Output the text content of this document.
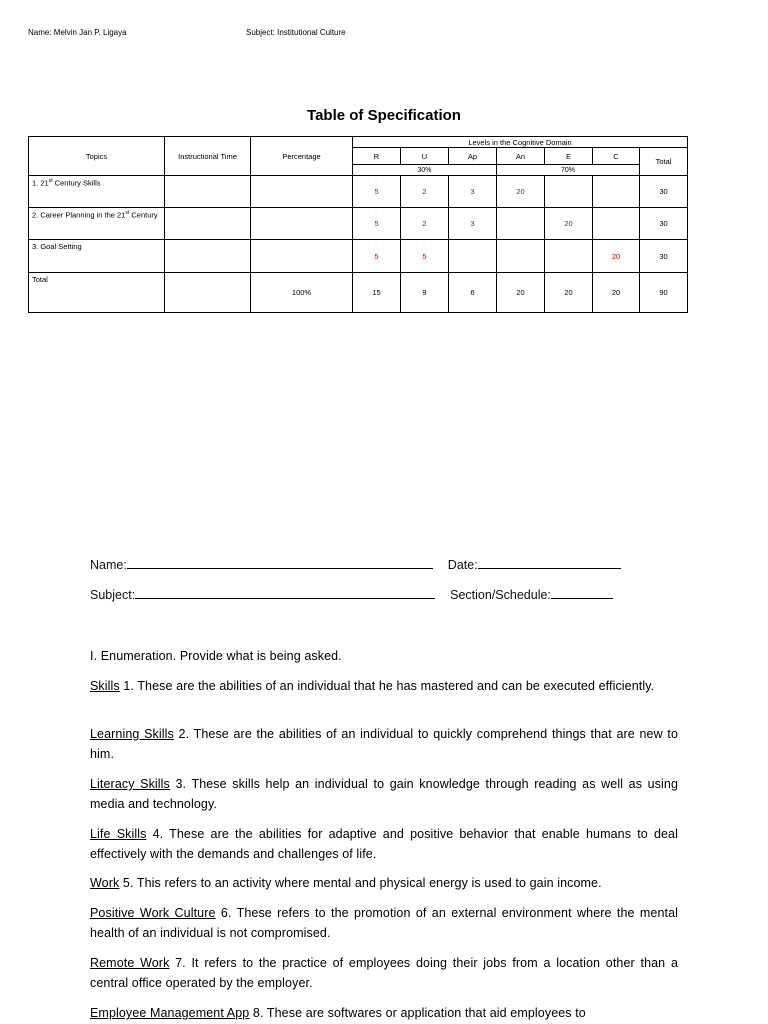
Name: Melvin Jan P. Ligaya	Subject: Institutional Culture
Table of Specification
Topics	Instructional Time	Percentage	Levels in the Cognitive Domain						
			R	U	Ap	An	E	C	Total
			30%			70%			
1. 21st Century Skills			5	2	3	20			30
2. Career Planning in the 21st Century			5	2	3		20		30
3. Goal Setting			5	5				20	30
Total		100%	15	9	6	20	20	20	90
Name:	Date:
Subject:	Section/Schedule:
I. Enumeration. Provide what is being asked.
Skills 1. These are the abilities of an individual that he has mastered and can be executed efficiently.
Learning Skills 2. These are the abilities of an individual to quickly comprehend things that are new to him.
Literacy Skills 3. These skills help an individual to gain knowledge through reading as well as using media and technology.
Life Skills 4. These are the abilities for adaptive and positive behavior that enable humans to deal effectively with the demands and challenges of life.
Work 5. This refers to an activity where mental and physical energy is used to gain income.
Positive Work Culture 6. These refers to the promotion of an external environment where the mental health of an individual is not compromised.
Remote Work 7. It refers to the practice of employees doing their jobs from a location other than a central office operated by the employer.
Employee Management App 8. These are softwares or application that aid employees to
